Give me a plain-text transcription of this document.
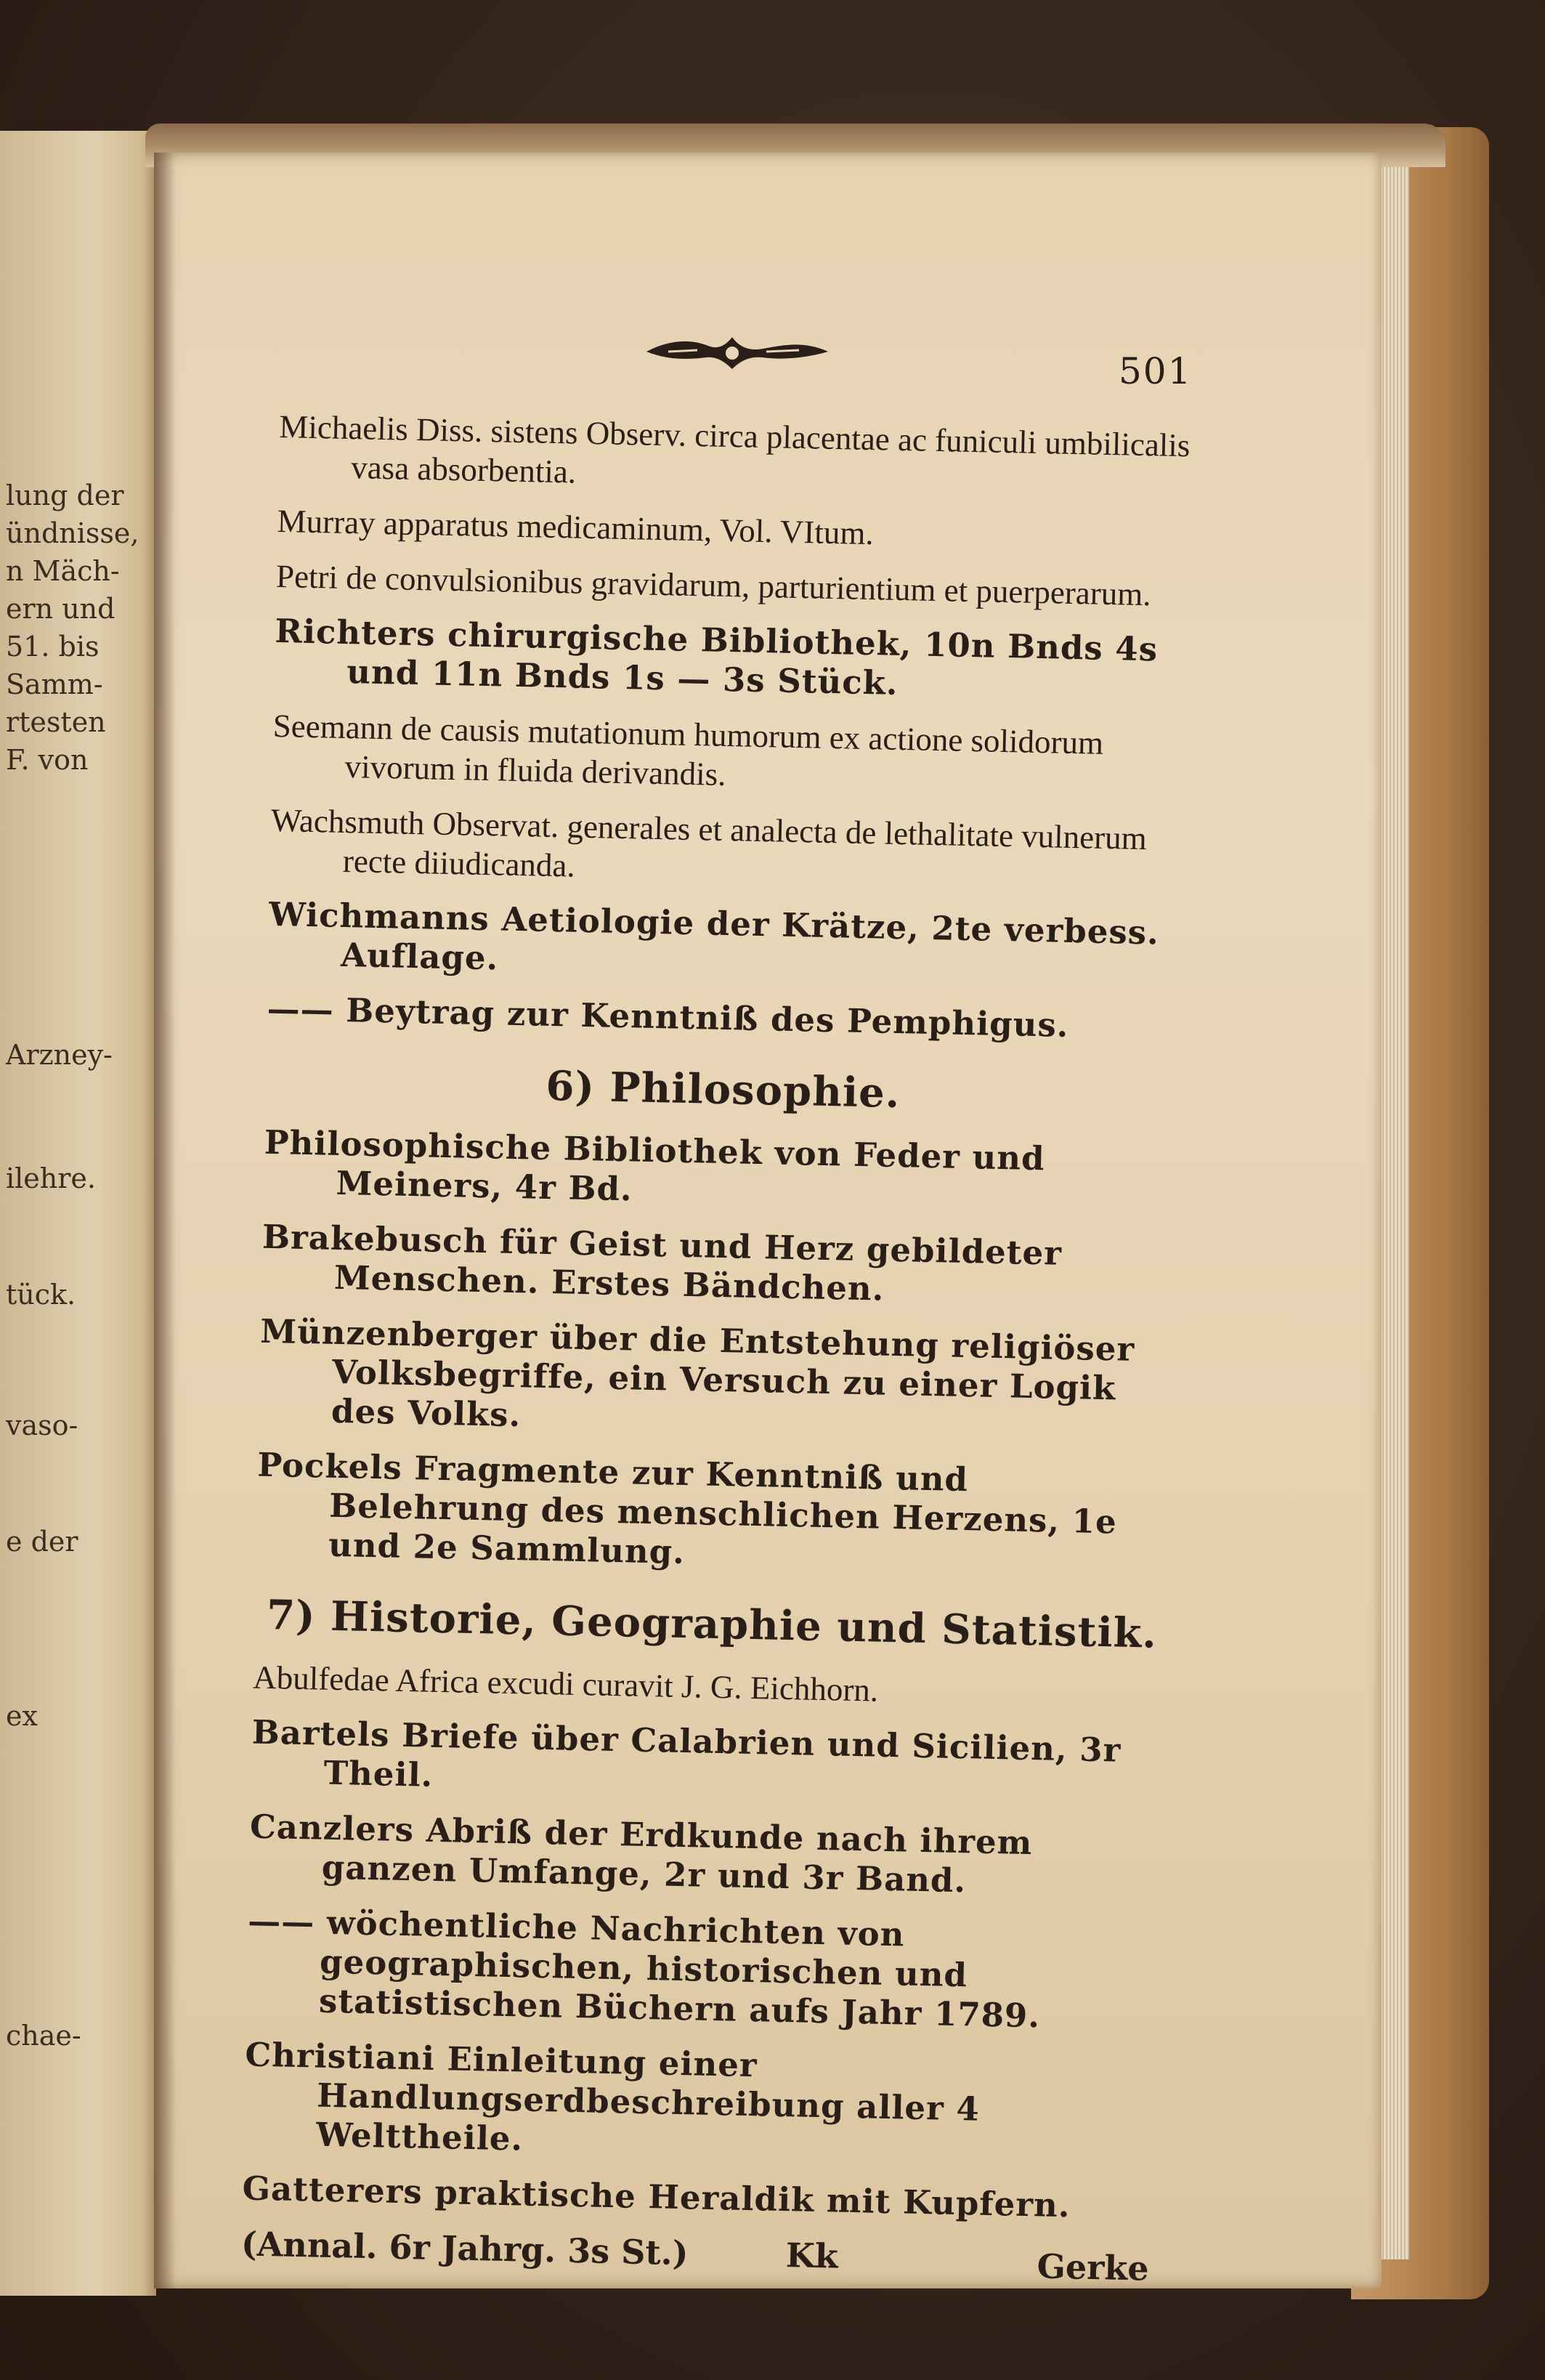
lung der
ündnisse,
n Mäch-
ern und
51. bis
Samm-
rtesten
F. von
Arzney-
ilehre.
tück.
vaso-
e der
ex
chae-
501

Michaelis Diss. sistens Observ. circa placentae ac funiculi umbilicalis vasa absorbentia.

Murray apparatus medicaminum, Vol. VItum.

Petri de convulsionibus gravidarum, parturientium et puerperarum.

Richters chirurgische Bibliothek, 10n Bnds 4s und 11n Bnds 1s — 3s Stück.

Seemann de causis mutationum humorum ex actione solidorum vivorum in fluida derivandis.

Wachsmuth Observat. generales et analecta de lethalitate vulnerum recte diiudicanda.

Wichmanns Aetiologie der Krätze, 2te verbess. Auflage.

—— Beytrag zur Kenntniß des Pemphigus.

6) Philosophie.

Philosophische Bibliothek von Feder und Meiners, 4r Bd.

Brakebusch für Geist und Herz gebildeter Menschen. Erstes Bändchen.

Münzenberger über die Entstehung religiöser Volksbegriffe, ein Versuch zu einer Logik des Volks.

Pockels Fragmente zur Kenntniß und Belehrung des menschlichen Herzens, 1e und 2e Sammlung.

7) Historie, Geographie und Statistik.

Abulfedae Africa excudi curavit J. G. Eichhorn.

Bartels Briefe über Calabrien und Sicilien, 3r Theil.

Canzlers Abriß der Erdkunde nach ihrem ganzen Umfange, 2r und 3r Band.

—— wöchentliche Nachrichten von geographischen, historischen und statistischen Büchern aufs Jahr 1789.

Christiani Einleitung einer Handlungserdbeschreibung aller 4 Welttheile.

Gatterers praktische Heraldik mit Kupfern.

(Annal. 6r Jahrg. 3s St.)	Kk	Gerke
